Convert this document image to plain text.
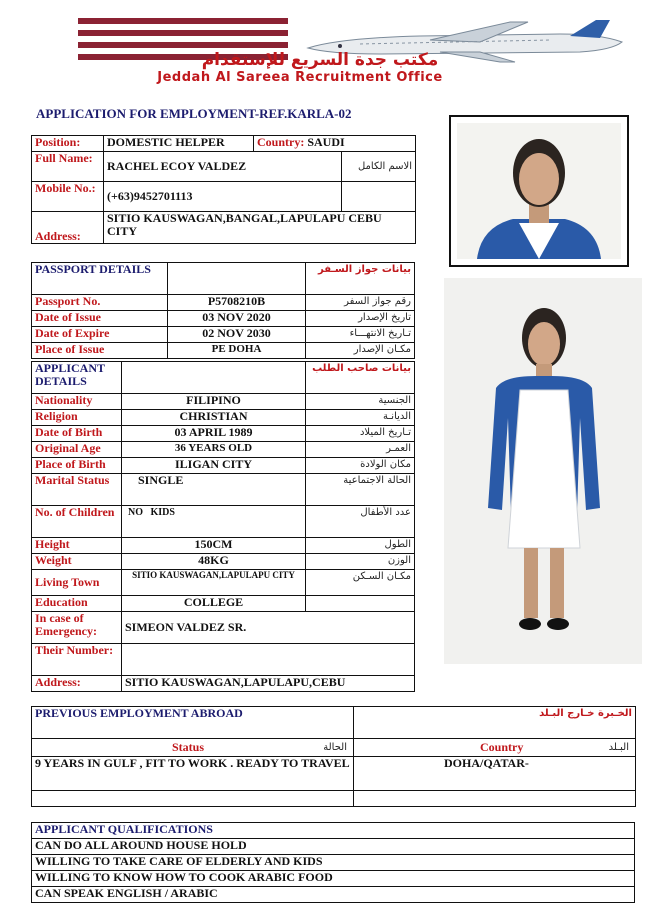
مكتب جدة السريع للإستقدام
Jeddah Al Sareea Recruitment Office
APPLICATION FOR EMPLOYMENT-REF.KARLA-02
Position:	DOMESTIC HELPER	Country: SAUDI	
Full Name:	RACHEL ECOY VALDEZ		الاسم الكامل
Mobile No.:	(+63)9452701113		
Address:	SITIO KAUSWAGAN,BANGAL,LAPULAPU CEBU CITY		
PASSPORT DETAILS		بيانات جواز السـفر
Passport No.	P5708210B	رقم جواز السفر
Date of Issue	03 NOV 2020	تاريخ الإصدار
Date of Expire	02 NOV 2030	تـاريخ الانتهـــاء
Place of Issue	PE DOHA	مكـان الإصدار
APPLICANT DETAILS		بيانات صاحب الطلب
Nationality	FILIPINO	الجنسية
Religion	CHRISTIAN	الديانـة
Date of Birth	03 APRIL 1989	تـاريخ الميلاد
Original Age	36 YEARS OLD	العمـر
Place of Birth	ILIGAN CITY	مكان الولادة
Marital Status	SINGLE	الحالة الاجتماعية
No. of Children	NO   KIDS	عدد الأطفال
Height	150CM	الطول
Weight	48KG	الوزن
Living Town	SITIO KAUSWAGAN,LAPULAPU CITY	مكـان السـكن
Education	COLLEGE	
In case of Emergency:	SIMEON VALDEZ SR.	
Their Number:		
Address:	SITIO KAUSWAGAN,LAPULAPU,CEBU	
PREVIOUS EMPLOYMENT ABROAD	الخـبرة خـارج البـلد

Status الحالة	Country البـلد

9 YEARS IN GULF , FIT TO WORK . READY TO TRAVEL	DOHA/QATAR-

APPLICANT QUALIFICATIONS
CAN DO ALL AROUND HOUSE HOLD
WILLING TO TAKE CARE OF ELDERLY AND KIDS
WILLING TO KNOW HOW TO COOK ARABIC FOOD
CAN SPEAK ENGLISH / ARABIC
